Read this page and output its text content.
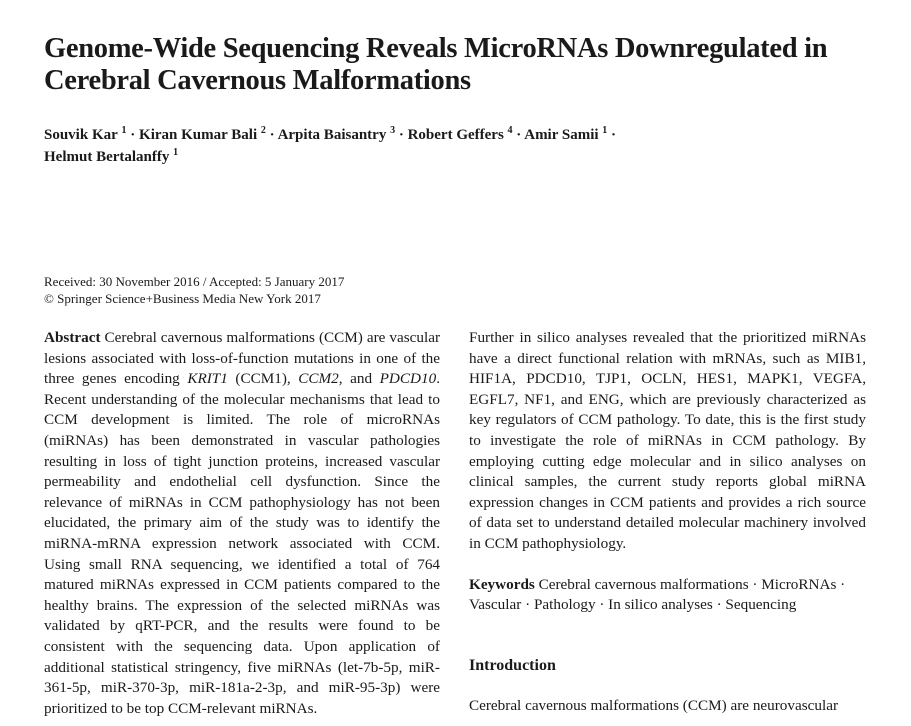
Genome-Wide Sequencing Reveals MicroRNAs Downregulated in Cerebral Cavernous Malformations
Souvik Kar $^1$ · Kiran Kumar Bali $^2$ · Arpita Baisantry $^3$ · Robert Geffers $^4$ · Amir Samii $^1$ ·
Helmut Bertalanffy $^1$
Received: 30 November 2016 / Accepted: 5 January 2017
© Springer Science+Business Media New York 2017

Abstract Cerebral cavernous malformations (CCM) are vascular lesions associated with loss-of-function mutations in one of the three genes encoding KRIT1 (CCM1), CCM2, and PDCD10. Recent understanding of the molecular mechanisms that lead to CCM development is limited. The role of microRNAs (miRNAs) has been demonstrated in vascular pathologies resulting in loss of tight junction proteins, increased vascular permeability and endothelial cell dysfunction. Since the relevance of miRNAs in CCM pathophysiology has not been elucidated, the primary aim of the study was to identify the miRNA-mRNA expression network associated with CCM. Using small RNA sequencing, we identified a total of 764 matured miRNAs expressed in CCM patients compared to the healthy brains. The expression of the selected miRNAs was validated by qRT-PCR, and the results were found to be consistent with the sequencing data. Upon application of additional statistical stringency, five miRNAs (let-7b-5p, miR-361-5p, miR-370-3p, miR-181a-2-3p, and miR-95-3p) were prioritized to be top CCM-relevant miRNAs.

Further in silico analyses revealed that the prioritized miRNAs have a direct functional relation with mRNAs, such as MIB1, HIF1A, PDCD10, TJP1, OCLN, HES1, MAPK1, VEGFA, EGFL7, NF1, and ENG, which are previously characterized as key regulators of CCM pathology. To date, this is the first study to investigate the role of miRNAs in CCM pathology. By employing cutting edge molecular and in silico analyses on clinical samples, the current study reports global miRNA expression changes in CCM patients and provides a rich source of data set to understand detailed molecular machinery involved in CCM pathophysiology.

Keywords Cerebral cavernous malformations · MicroRNAs · Vascular · Pathology · In silico analyses · Sequencing

Introduction

Cerebral cavernous malformations (CCM) are neurovascular
